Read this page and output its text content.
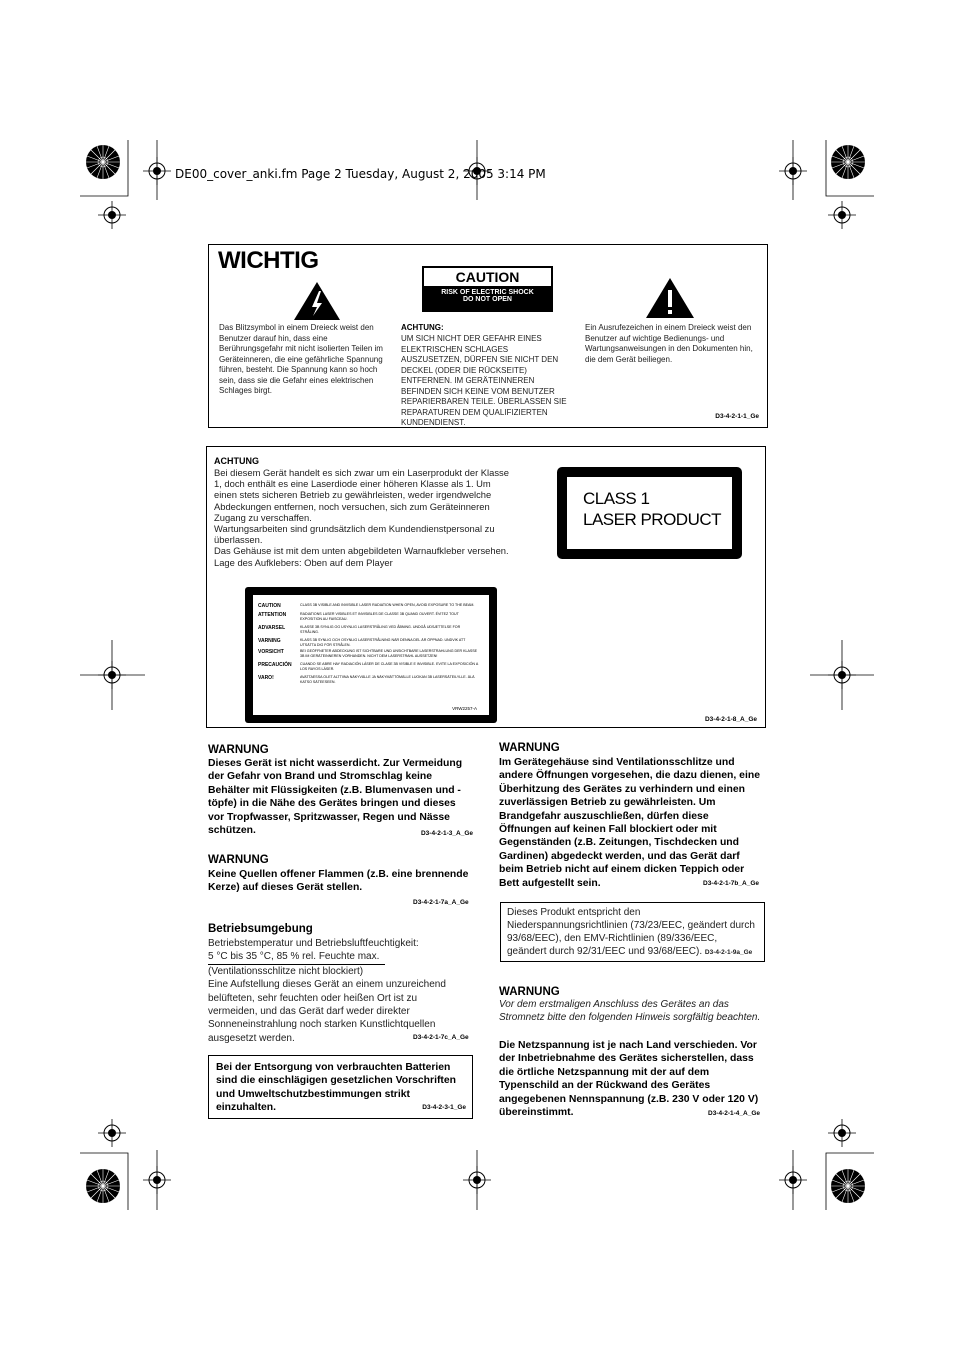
DE00_cover_anki.fm Page 2 Tuesday, August 2, 2005 3:14 PM
WICHTIG
CAUTION
RISK OF ELECTRIC SHOCK
DO NOT OPEN
Das Blitzsymbol in einem Dreieck weist den Benutzer darauf hin, dass eine Berührungsgefahr mit nicht isolierten Teilen im Geräteinneren, die eine gefährliche Spannung führen, besteht. Die Spannung kann so hoch sein, dass sie die Gefahr eines elektrischen Schlages birgt.
ACHTUNG:
UM SICH NICHT DER GEFAHR EINES ELEKTRISCHEN SCHLAGES AUSZUSETZEN, DÜRFEN SIE NICHT DEN DECKEL (ODER DIE RÜCKSEITE) ENTFERNEN. IM GERÄTEINNEREN BEFINDEN SICH KEINE VOM BENUTZER REPARIERBAREN TEILE. ÜBERLASSEN SIE REPARATUREN DEM QUALIFIZIERTEN KUNDENDIENST.
Ein Ausrufezeichen in einem Dreieck weist den Benutzer auf wichtige Bedienungs- und Wartungsanweisungen in den Dokumenten hin, die dem Gerät beiliegen.
D3-4-2-1-1_Ge
ACHTUNG
Bei diesem Gerät handelt es sich zwar um ein Laserprodukt der Klasse 1, doch enthält es eine Laserdiode einer höheren Klasse als 1. Um einen stets sicheren Betrieb zu gewährleisten, weder irgendwelche Abdeckungen entfernen, noch versuchen, sich zum Geräteinneren Zugang zu verschaffen.
Wartungsarbeiten sind grundsätzlich dem Kundendienstpersonal zu überlassen.
Das Gehäuse ist mit dem unten abgebildeten Warnaufkleber versehen.
Lage des Aufklebers: Oben auf dem Player
CLASS 1
LASER PRODUCT
CAUTION	CLASS 3B VISIBLE AND INVISIBLE LASER RADIATION WHEN OPEN, AVOID EXPOSURE TO THE BEAM.
ATTENTION	RADIATIONS LASER VISIBLES ET INVISIBLES DE CLASSE 3B QUAND OUVERT. ÉVITEZ TOUT EXPOSITION AU FAISCEAU.
ADVARSEL	KLASSE 3B SYNLIG OG USYNLIG LASERSTRÅLING VED ÅBNING. UNDGÅ UDSÆTTELSE FOR STRÅLING.
VARNING	KLASS 3B SYNLIG OCH OSYNLIG LASERSTRÅLNING NÄR DENNA DEL ÄR ÖPPNAD. UNDVIK ATT UTSÄTTA DIG FÖR STRÅLEN.
VORSICHT	BEI GEÖFFNETER ABDECKUNG IST SICHTBARE UND UNSICHTBARE LASERSTRAHLUNG DER KLASSE 3B IM GERÄTEINNEREN VORHANDEN. NICHT DEM LASERSTRAHL AUSSETZEN!
PRECAUCIÓN	CUANDO SE ABRE HAY RADIACIÓN LÁSER DE CLASE 3B VISIBLE E INVISIBLE. EVITE LA EXPOSICIÓN A LOS RAYOS LÁSER.
VARO!	AVATTAESSA OLET ALTTIINA NÄKYVÄLLE JA NÄKYMÄTTÖMÄLLE LUOKAN 3B LASERSÄTEILYLLE. ÄLÄ KATSO SÄTEESEEN.
VRW2257-A
D3-4-2-1-8_A_Ge
WARNUNG
Dieses Gerät ist nicht wasserdicht. Zur Vermeidung der Gefahr von Brand und Stromschlag keine Behälter mit Flüssigkeiten (z.B. Blumenvasen und -töpfe) in die Nähe des Gerätes bringen und dieses vor Tropfwasser, Spritzwasser, Regen und Nässe schützen.	D3-4-2-1-3_A_Ge
WARNUNG
Keine Quellen offener Flammen (z.B. eine brennende Kerze) auf dieses Gerät stellen.
D3-4-2-1-7a_A_Ge
Betriebsumgebung
Betriebstemperatur und Betriebsluftfeuchtigkeit:
5 °C bis 35 °C, 85 % rel. Feuchte max.
(Ventilationsschlitze nicht blockiert)
Eine Aufstellung dieses Gerät an einem unzureichend belüfteten, sehr feuchten oder heißen Ort ist zu vermeiden, und das Gerät darf weder direkter Sonneneinstrahlung noch starken Kunstlichtquellen ausgesetzt werden.	D3-4-2-1-7c_A_Ge
Bei der Entsorgung von verbrauchten Batterien sind die einschlägigen gesetzlichen Vorschriften und Umweltschutzbestimmungen strikt einzuhalten.	D3-4-2-3-1_Ge
WARNUNG
Im Gerätegehäuse sind Ventilationsschlitze und andere Öffnungen vorgesehen, die dazu dienen, eine Überhitzung des Gerätes zu verhindern und einen zuverlässigen Betrieb zu gewährleisten. Um Brandgefahr auszuschließen, dürfen diese Öffnungen auf keinen Fall blockiert oder mit Gegenständen (z.B. Zeitungen, Tischdecken und Gardinen) abgedeckt werden, und das Gerät darf beim Betrieb nicht auf einem dicken Teppich oder Bett aufgestellt sein.	D3-4-2-1-7b_A_Ge
Dieses Produkt entspricht den Niederspannungsrichtlinien (73/23/EEC, geändert durch 93/68/EEC), den EMV-Richtlinien (89/336/EEC, geändert durch 92/31/EEC und 93/68/EEC). D3-4-2-1-9a_Ge
WARNUNG
Vor dem erstmaligen Anschluss des Gerätes an das Stromnetz bitte den folgenden Hinweis sorgfältig beachten.
Die Netzspannung ist je nach Land verschieden. Vor der Inbetriebnahme des Gerätes sicherstellen, dass die örtliche Netzspannung mit der auf dem Typenschild an der Rückwand des Gerätes angegebenen Nennspannung (z.B. 230 V oder 120 V) übereinstimmt.	D3-4-2-1-4_A_Ge
